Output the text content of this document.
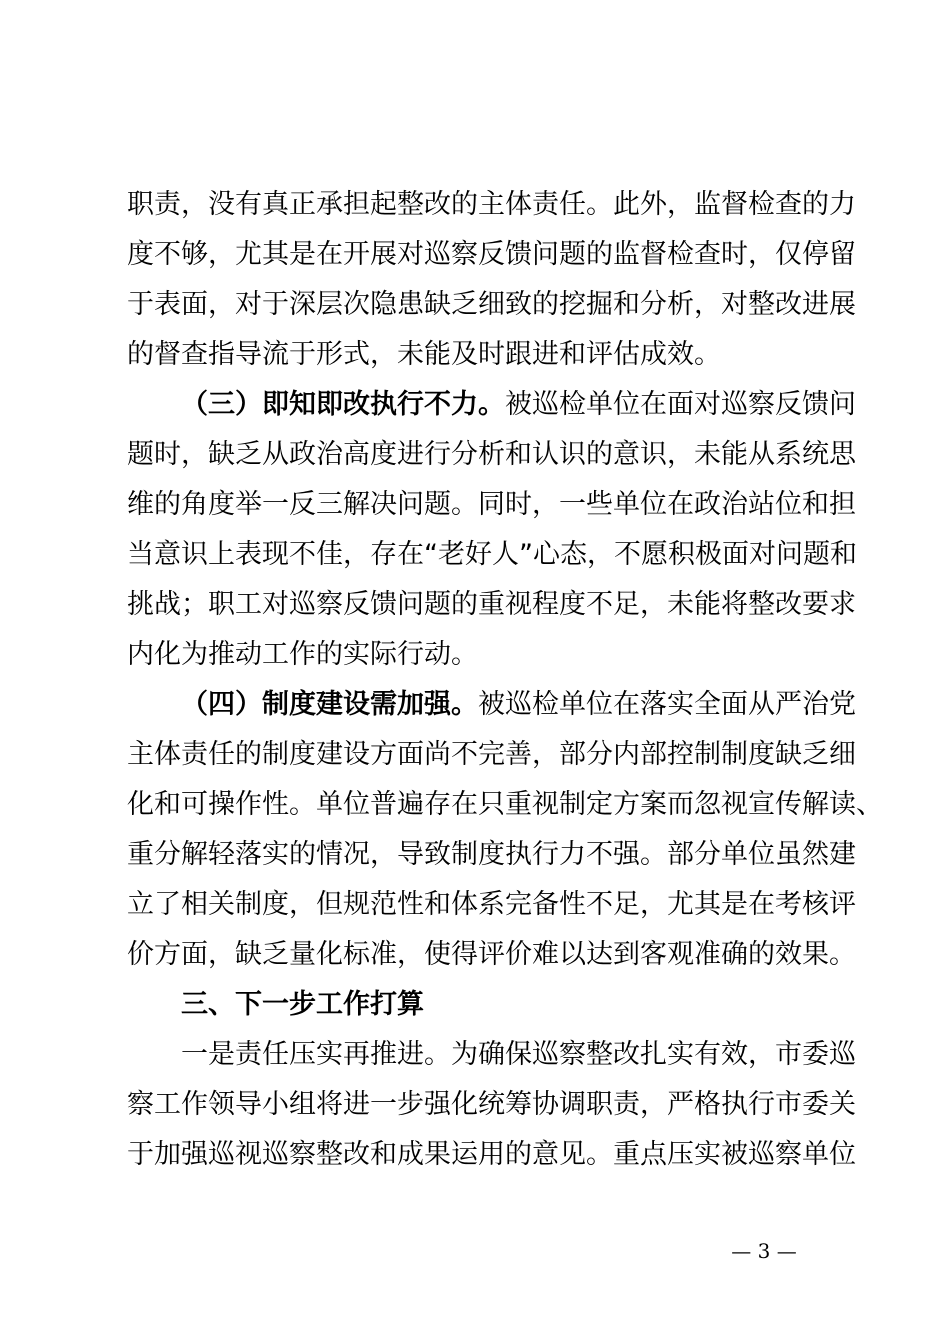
职责，没有真正承担起整改的主体责任。此外，监督检查的力
度不够，尤其是在开展对巡察反馈问题的监督检查时，仅停留
于表面，对于深层次隐患缺乏细致的挖掘和分析，对整改进展
的督查指导流于形式，未能及时跟进和评估成效。
（三）即知即改执行不力。被巡检单位在面对巡察反馈问
题时，缺乏从政治高度进行分析和认识的意识，未能从系统思
维的角度举一反三解决问题。同时，一些单位在政治站位和担
当意识上表现不佳，存在“老好人”心态，不愿积极面对问题和
挑战；职工对巡察反馈问题的重视程度不足，未能将整改要求
内化为推动工作的实际行动。
（四）制度建设需加强。被巡检单位在落实全面从严治党
主体责任的制度建设方面尚不完善，部分内部控制制度缺乏细
化和可操作性。单位普遍存在只重视制定方案而忽视宣传解读、
重分解轻落实的情况，导致制度执行力不强。部分单位虽然建
立了相关制度，但规范性和体系完备性不足，尤其是在考核评
价方面，缺乏量化标准，使得评价难以达到客观准确的效果。
三、下一步工作打算
一是责任压实再推进。为确保巡察整改扎实有效，市委巡
察工作领导小组将进一步强化统筹协调职责，严格执行市委关
于加强巡视巡察整改和成果运用的意见。重点压实被巡察单位
— 3 —
